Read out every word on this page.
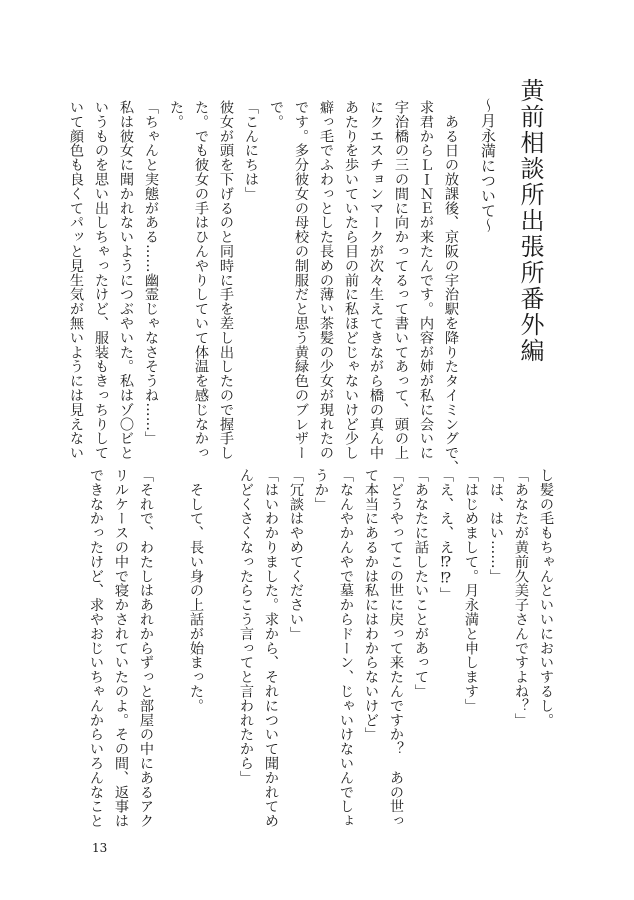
黄前相談所出張所番外編
〜月永満について〜
　ある日の放課後、京阪の宇治駅を降りたタイミングで、
求君からＬＩＮＥが来たんです。内容が姉が私に会いに
宇治橋の三の間に向かってるって書いてあって、頭の上
にクエスチョンマークが次々生えてきながら橋の真ん中
あたりを歩いていたら目の前に私ほどじゃないけど少し
癖っ毛でふわっとした長めの薄い茶髪の少女が現れたの
です。多分彼女の母校の制服だと思う黄緑色のブレザー
で。
「こんにちは」
彼女が頭を下げるのと同時に手を差し出したので握手し
た。でも彼女の手はひんやりしていて体温を感じなかっ
た。
「ちゃんと実態がある……幽霊じゃなさそうね……」
私は彼女に聞かれないようにつぶやいた。私はゾ〇ビと
いうものを思い出しちゃったけど、服装もきっちりして
いて顔色も良くてパッと見生気が無いようには見えない
し髪の毛もちゃんといいにおいするし。
「あなたが黄前久美子さんですよね？」
「は、はい……」
「はじめまして。月永満と申します」
「え、え、え⁉⁉」
「あなたに話したいことがあって」
「どうやってこの世に戻って来たんですか？　あの世っ
て本当にあるかは私にはわからないけど」
「なんやかんやで墓からドーン、じゃいけないんでしょ
うか」
「冗談はやめてください」
「はいわかりました。求から、それについて聞かれてめ
んどくさくなったらこう言ってと言われたから」
　そして、長い身の上話が始まった。
「それで、わたしはあれからずっと部屋の中にあるアク
リルケースの中で寝かされていたのよ。その間、返事は
できなかったけど、求やおじいちゃんからいろんなこと
13
